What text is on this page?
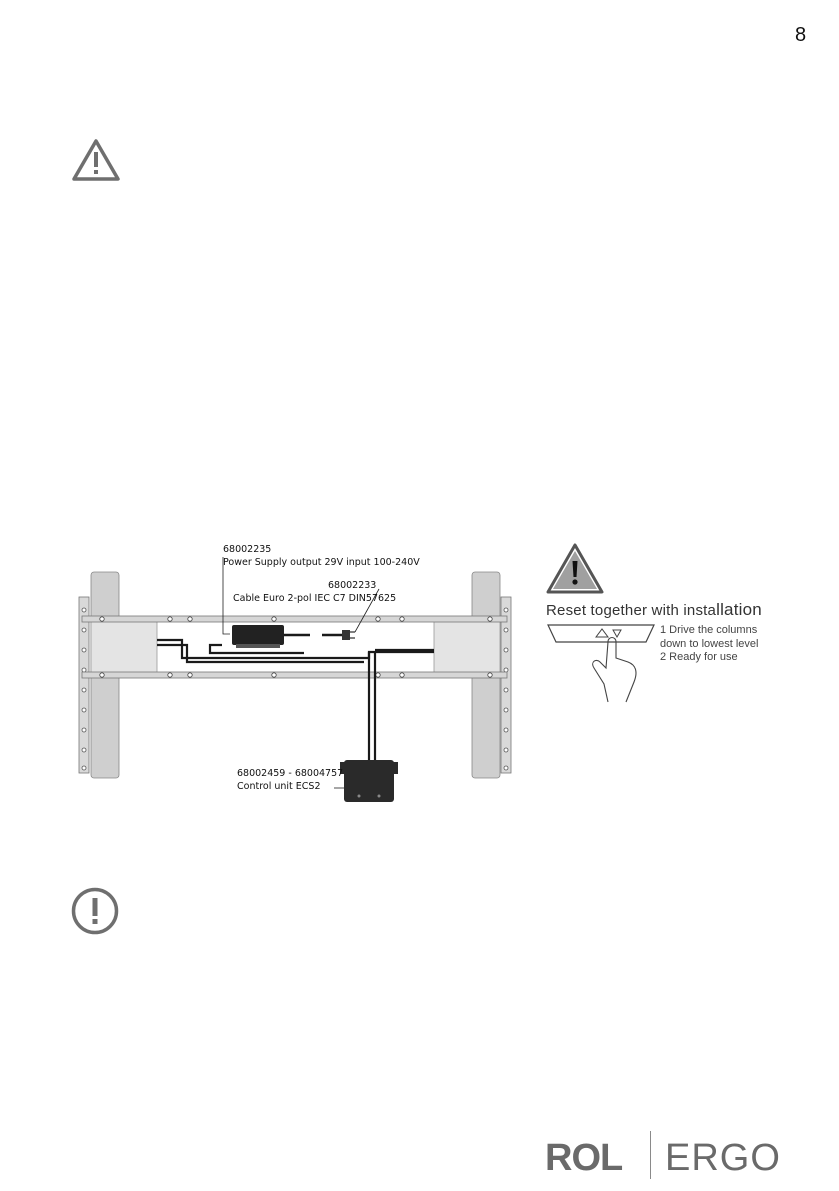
8
68002235
Power Supply output 29V input 100-240V
68002233
Cable Euro 2-pol IEC C7 DIN57625
68002459 - 68004757
Control unit ECS2
Reset together with installation
1 Drive the columns
down to lowest level
2 Ready for use
ROL ERGO
